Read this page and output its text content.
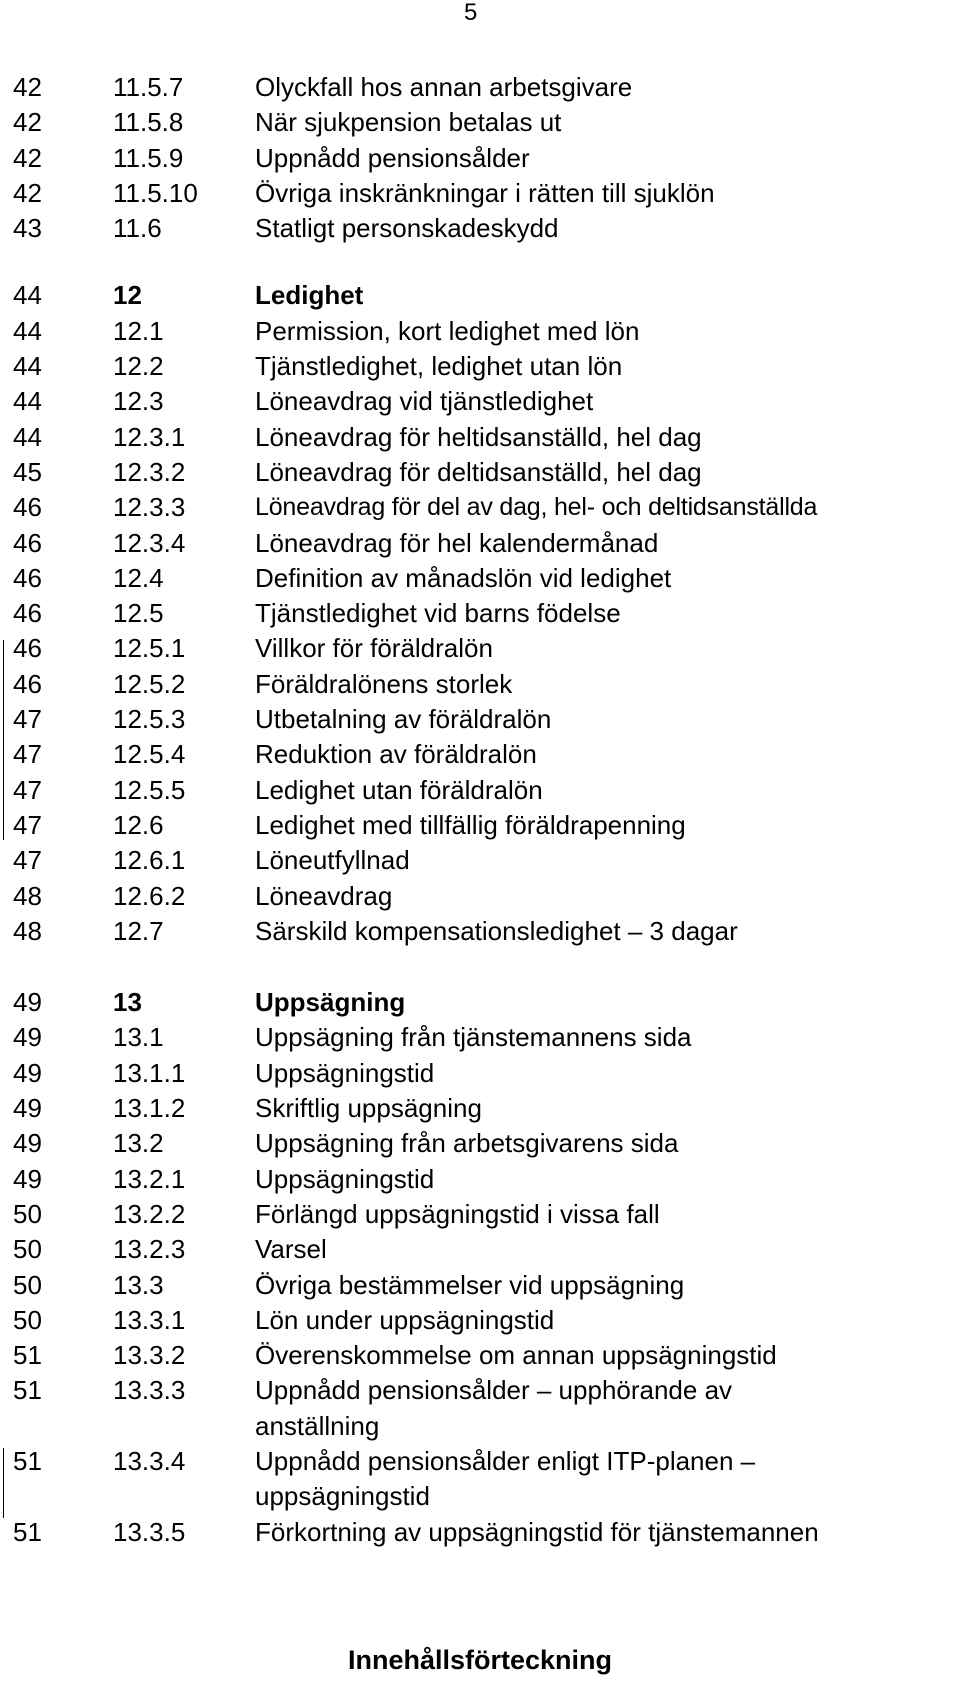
5
42	11.5.7	Olyckfall hos annan arbetsgivare
42	11.5.8	När sjukpension betalas ut
42	11.5.9	Uppnådd pensionsålder
42	11.5.10 Övriga inskränkningar i rätten till sjuklön
43	11.6	Statligt personskadeskydd
44	12	Ledighet
44	12.1	Permission, kort ledighet med lön
44	12.2	Tjänstledighet, ledighet utan lön
44	12.3	Löneavdrag vid tjänstledighet
44	12.3.1	Löneavdrag för heltidsanställd, hel dag
45	12.3.2	Löneavdrag för deltidsanställd, hel dag
46	12.3.3	Löneavdrag för del av dag, hel- och deltidsanställda
46	12.3.4	Löneavdrag för hel kalendermånad
46	12.4	Definition av månadslön vid ledighet
46	12.5	Tjänstledighet vid barns födelse
46	12.5.1	Villkor för föräldralön
46	12.5.2	Föräldralönens storlek
47	12.5.3	Utbetalning av föräldralön
47	12.5.4	Reduktion av föräldralön
47	12.5.5	Ledighet utan föräldralön
47	12.6	Ledighet med tillfällig föräldrapenning
47	12.6.1	Löneutfyllnad
48	12.6.2	Löneavdrag
48	12.7	Särskild kompensationsledighet – 3 dagar
49	13	Uppsägning
49	13.1	Uppsägning från tjänstemannens sida
49	13.1.1	Uppsägningstid
49	13.1.2	Skriftlig uppsägning
49	13.2	Uppsägning från arbetsgivarens sida
49	13.2.1	Uppsägningstid
50	13.2.2	Förlängd uppsägningstid i vissa fall
50	13.2.3	Varsel
50	13.3	Övriga bestämmelser vid uppsägning
50	13.3.1	Lön under uppsägningstid
51	13.3.2	Överenskommelse om annan uppsägningstid
51	13.3.3	Uppnådd pensionsålder – upphörande av anställning
51	13.3.4	Uppnådd pensionsålder enligt ITP-planen – uppsägningstid
51	13.3.5	Förkortning av uppsägningstid för tjänstemannen
Innehållsförteckning
